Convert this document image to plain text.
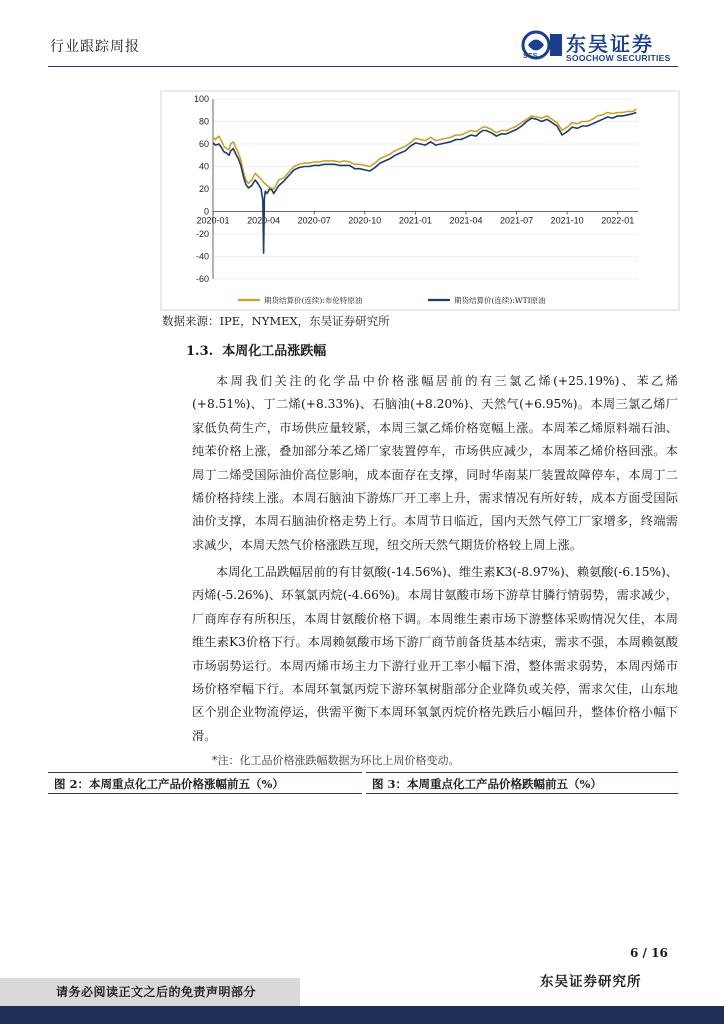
行业跟踪周报	东吴证券
SCS	SOOCHOW SECURITIES
-60
-40
-20
0
20
40
60
80
100
2020-01 2020-04 2020-07 2020-10 2021-01 2021-04 2021-07 2021-10 2022-01
期货结算价(连续):布伦特原油	期货结算价(连续):WTI原油
数据来源：IPE，NYMEX，东吴证券研究所
1.3. 本周化工品涨跌幅
本周我们关注的化学品中价格涨幅居前的有三氯乙烯(+25.19%)、苯乙烯(+8.51%)、丁二烯(+8.33%)、石脑油(+8.20%)、天然气(+6.95%)。本周三氯乙烯厂家低负荷生产，市场供应量较紧，本周三氯乙烯价格宽幅上涨。本周苯乙烯原料端石油、纯苯价格上涨，叠加部分苯乙烯厂家装置停车，市场供应减少，本周苯乙烯价格回涨。本周丁二烯受国际油价高位影响，成本面存在支撑，同时华南某厂装置故障停车，本周丁二烯价格持续上涨。本周石脑油下游炼厂开工率上升，需求情况有所好转，成本方面受国际油价支撑，本周石脑油价格走势上行。本周节日临近，国内天然气停工厂家增多，终端需求减少，本周天然气价格涨跌互现，纽交所天然气期货价格较上周上涨。
本周化工品跌幅居前的有甘氨酸(-14.56%)、维生素K3(-8.97%)、赖氨酸(-6.15%)、丙烯(-5.26%)、环氧氯丙烷(-4.66%)。本周甘氨酸市场下游草甘膦行情弱势，需求减少，厂商库存有所积压，本周甘氨酸价格下调。本周维生素市场下游整体采购情况欠佳，本周维生素K3价格下行。本周赖氨酸市场下游厂商节前备货基本结束，需求不强，本周赖氨酸市场弱势运行。本周丙烯市场主力下游行业开工率小幅下滑，整体需求弱势，本周丙烯市场价格窄幅下行。本周环氧氯丙烷下游环氧树脂部分企业降负或关停，需求欠佳，山东地区个别企业物流停运，供需平衡下本周环氧氯丙烷价格先跌后小幅回升，整体价格小幅下滑。
*注：化工品价格涨跌幅数据为环比上周价格变动。
图 2：本周重点化工产品价格涨幅前五（%）	图 3：本周重点化工产品价格跌幅前五（%）
6 / 16
请务必阅读正文之后的免责声明部分
东吴证券研究所
